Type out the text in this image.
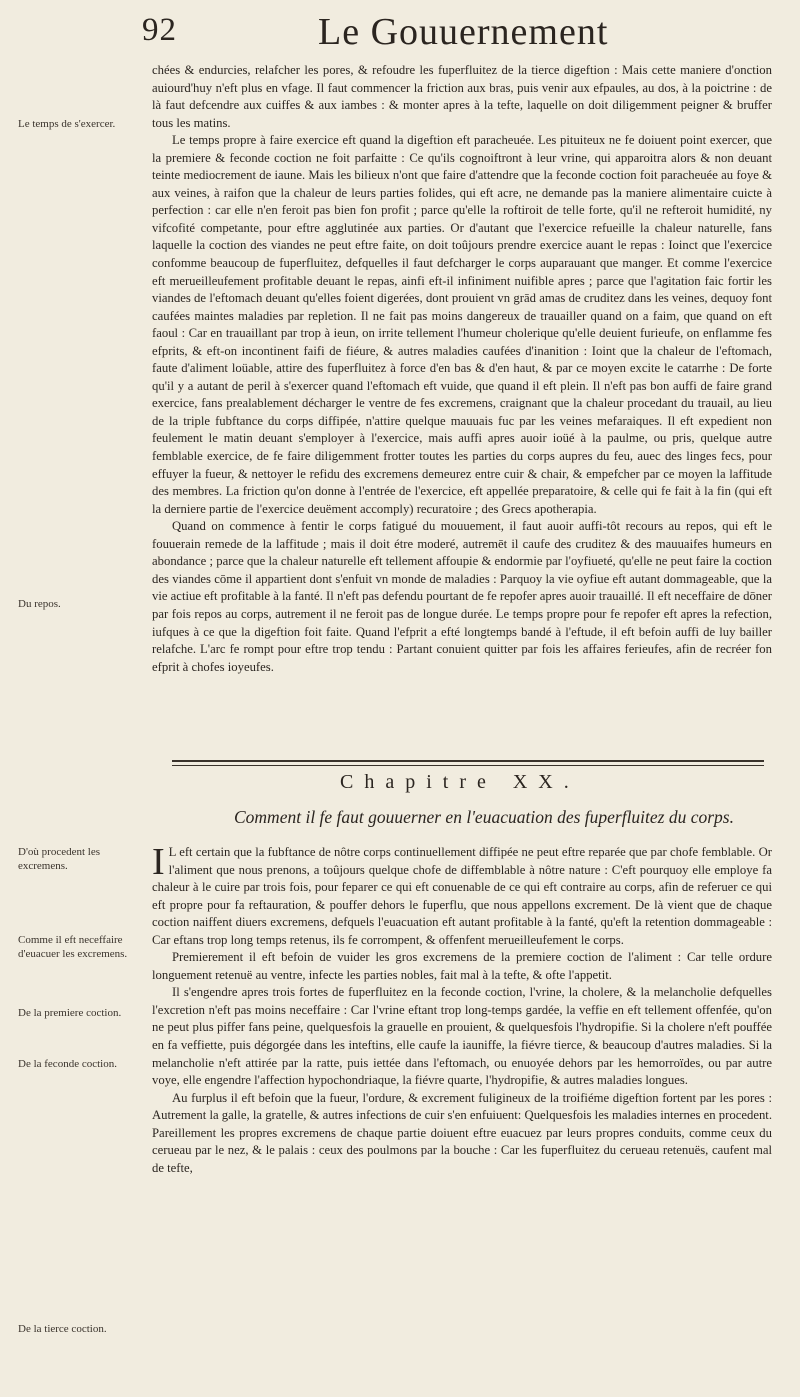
92	Le Gouuernement

chées & endurcies, relafcher les pores, & refoudre les fuperfluitez de la tierce digeftion : Mais cette maniere d'onction auiourd'huy n'eft plus en vfage. Il faut commencer la friction aux bras, puis venir aux efpaules, au dos, à la poictrine : de là faut defcendre aux cuiffes & aux iambes : & monter apres à la tefte, laquelle on doit diligemment peigner & bruffer tous les matins.

Le temps propre à faire exercice eft quand la digeftion eft paracheuée. Les pituiteux ne fe doiuent point exercer, que la premiere & feconde coction ne foit parfaitte : Ce qu'ils cognoiftront à leur vrine, qui apparoitra alors & non deuant teinte mediocrement de iaune. Mais les bilieux n'ont que faire d'attendre que la feconde coction foit paracheuée au foye & aux veines, à raifon que la chaleur de leurs parties folides, qui eft acre, ne demande pas la maniere alimentaire cuicte à perfection : car elle n'en feroit pas bien fon profit ; parce qu'elle la roftiroit de telle forte, qu'il ne refteroit humidité, ny vifcofité competante, pour eftre agglutinée aux parties. Or d'autant que l'exercice refueille la chaleur naturelle, fans laquelle la coction des viandes ne peut eftre faite, on doit toûjours prendre exercice auant le repas : Ioinct que l'exercice confomme beaucoup de fuperfluitez, defquelles il faut defcharger le corps auparauant que manger. Et comme l'exercice eft merueilleufement profitable deuant le repas, ainfi eft-il infiniment nuifible apres ; parce que l'agitation faic fortir les viandes de l'eftomach deuant qu'elles foient digerées, dont prouient vn grād amas de cruditez dans les veines, dequoy font caufées maintes maladies par repletion. Il ne fait pas moins dangereux de trauailler quand on a faim, que quand on eft faoul : Car en trauaillant par trop à ieun, on irrite tellement l'humeur cholerique qu'elle deuient furieufe, on enflamme fes efprits, & eft-on incontinent faifi de fiéure, & autres maladies caufées d'inanition : Ioint que la chaleur de l'eftomach, faute d'aliment loüable, attire des fuperfluitez à force d'en bas & d'en haut, & par ce moyen excite le catarrhe : De forte qu'il y a autant de peril à s'exercer quand l'eftomach eft vuide, que quand il eft plein. Il n'eft pas bon auffi de faire grand exercice, fans prealablement décharger le ventre de fes excremens, craignant que la chaleur procedant du trauail, au lieu de la triple fubftance du corps diffipée, n'attire quelque mauuais fuc par les veines mefaraiques. Il eft expedient non feulement le matin deuant s'employer à l'exercice, mais auffi apres auoir ioüé à la paulme, ou pris, quelque autre femblable exercice, de fe faire diligemment frotter toutes les parties du corps aupres du feu, auec des linges fecs, pour effuyer la fueur, & nettoyer le refidu des excremens demeurez entre cuir & chair, & empefcher par ce moyen la laffitude des membres. La friction qu'on donne à l'entrée de l'exercice, eft appellée preparatoire, & celle qui fe fait à la fin (qui eft la derniere partie de l'exercice deuëment accomply) recuratoire ; des Grecs apotherapia.

Quand on commence à fentir le corps fatigué du mouuement, il faut auoir auffi-tôt recours au repos, qui eft le fouuerain remede de la laffitude ; mais il doit étre moderé, autremēt il caufe des cruditez & des mauuaifes humeurs en abondance ; parce que la chaleur naturelle eft tellement affoupie & endormie par l'oyfiueté, qu'elle ne peut faire la coction des viandes cōme il appartient dont s'enfuit vn monde de maladies : Parquoy la vie oyfiue eft autant dommageable, que la vie actiue eft profitable à la fanté. Il n'eft pas defendu pourtant de fe repofer apres auoir trauaillé. Il eft neceffaire de dōner par fois repos au corps, autrement il ne feroit pas de longue durée. Le temps propre pour fe repofer eft apres la refection, iufques à ce que la digeftion foit faite. Quand l'efprit a efté longtemps bandé à l'eftude, il eft befoin auffi de luy bailler relafche. L'arc fe rompt pour eftre trop tendu : Partant conuient quitter par fois les affaires ferieufes, afin de recréer fon efprit à chofes ioyeufes.

Chapitre XX.
Comment il fe faut gouuerner en l'euacuation des fuperfluitez du corps.

I L eft certain que la fubftance de nôtre corps continuellement diffipée ne peut eftre reparée que par chofe femblable. Or l'aliment que nous prenons, a toûjours quelque chofe de diffemblable à nôtre nature : C'eft pourquoy elle employe fa chaleur à le cuire par trois fois, pour feparer ce qui eft conuenable de ce qui eft contraire au corps, afin de referuer ce qui eft propre pour fa reftauration, & pouffer dehors le fuperflu, que nous appellons excrement. De là vient que de chaque coction naiffent diuers excremens, defquels l'euacuation eft autant profitable à la fanté, qu'eft la retention dommageable : Car eftans trop long temps retenus, ils fe corrompent, & offenfent merueilleufement le corps.

Premierement il eft befoin de vuider les gros excremens de la premiere coction de l'aliment : Car telle ordure longuement retenuë au ventre, infecte les parties nobles, fait mal à la tefte, & ofte l'appetit.

Il s'engendre apres trois fortes de fuperfluitez en la feconde coction, l'vrine, la cholere, & la melancholie defquelles l'excretion n'eft pas moins neceffaire : Car l'vrine eftant trop long-temps gardée, la veffie en eft tellement offenfée, qu'on ne peut plus piffer fans peine, quelquesfois la grauelle en prouient, & quelquesfois l'hydropifie. Si la cholere n'eft pouffée en fa veffiette, puis dégorgée dans les inteftins, elle caufe la iauniffe, la fiévre tierce, & beaucoup d'autres maladies. Si la melancholie n'eft attirée par la ratte, puis iettée dans l'eftomach, ou enuoyée dehors par les hemorroïdes, ou par autre voye, elle engendre l'affection hypochondriaque, la fiévre quarte, l'hydropifie, & autres maladies longues.

Au furplus il eft befoin que la fueur, l'ordure, & excrement fuligineux de la troifiéme digeftion fortent par les pores : Autrement la galle, la gratelle, & autres infections de cuir s'en enfuiuent: Quelquesfois les maladies internes en procedent. Pareillement les propres excremens de chaque partie doiuent eftre euacuez par leurs propres conduits, comme ceux du cerueau par le nez, & le palais : ceux des poulmons par la bouche : Car les fuperfluitez du cerueau retenuës, caufent mal de tefte,

Le temps de s'exercer.
Du repos.
D'où procedent les excremens.
Comme il eft neceffaire d'euacuer les excremens.
De la premiere coction.
De la feconde coction.
De la tierce coction.
